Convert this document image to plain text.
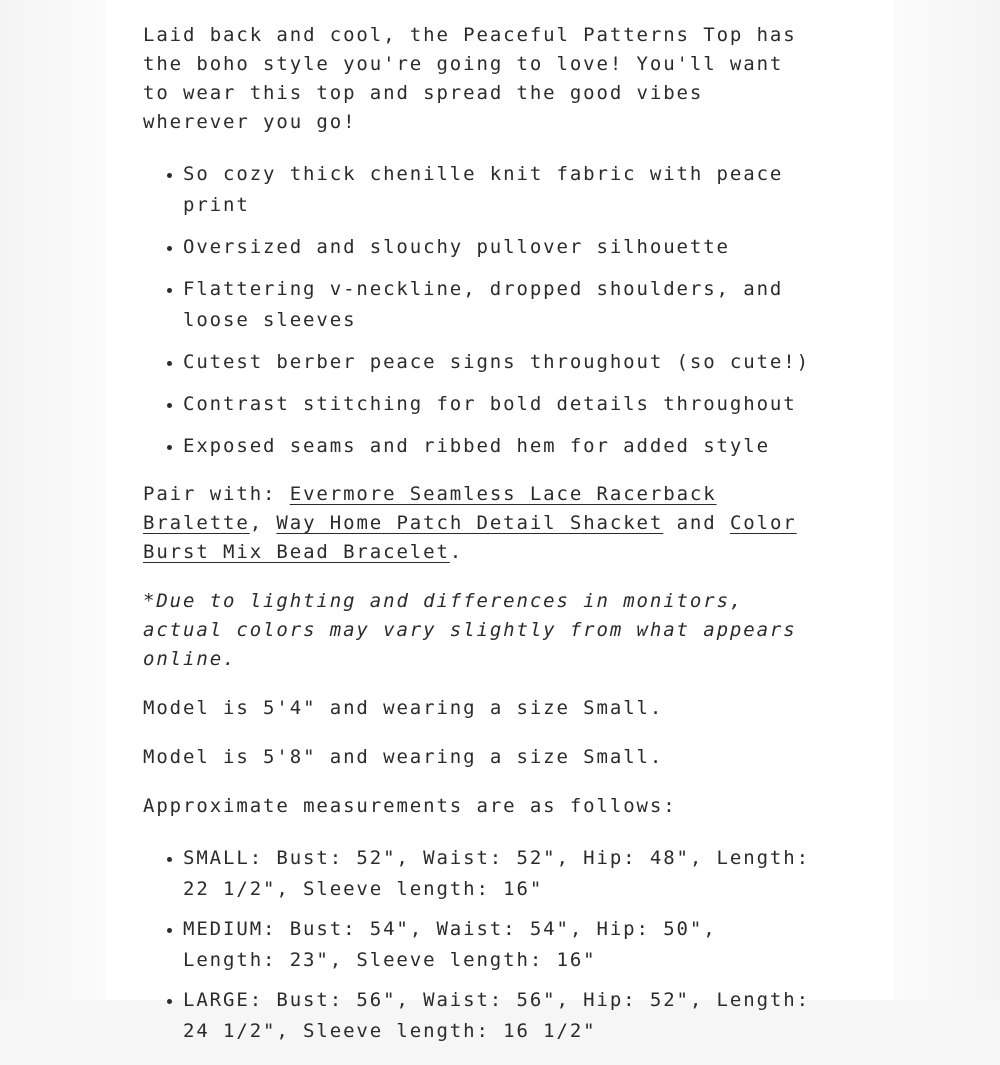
Laid back and cool, the Peaceful Patterns Top has the boho style you're going to love! You'll want to wear this top and spread the good vibes wherever you go!

• So cozy thick chenille knit fabric with peace print
• Oversized and slouchy pullover silhouette
• Flattering v-neckline, dropped shoulders, and loose sleeves
• Cutest berber peace signs throughout (so cute!)
• Contrast stitching for bold details throughout
• Exposed seams and ribbed hem for added style

Pair with: Evermore Seamless Lace Racerback Bralette, Way Home Patch Detail Shacket and Color Burst Mix Bead Bracelet.

*Due to lighting and differences in monitors, actual colors may vary slightly from what appears online.

Model is 5'4" and wearing a size Small.

Model is 5'8" and wearing a size Small.

Approximate measurements are as follows:

• SMALL: Bust: 52", Waist: 52", Hip: 48", Length: 22 1/2", Sleeve length: 16"
• MEDIUM: Bust: 54", Waist: 54", Hip: 50", Length: 23", Sleeve length: 16"
• LARGE: Bust: 56", Waist: 56", Hip: 52", Length: 24 1/2", Sleeve length: 16 1/2"
